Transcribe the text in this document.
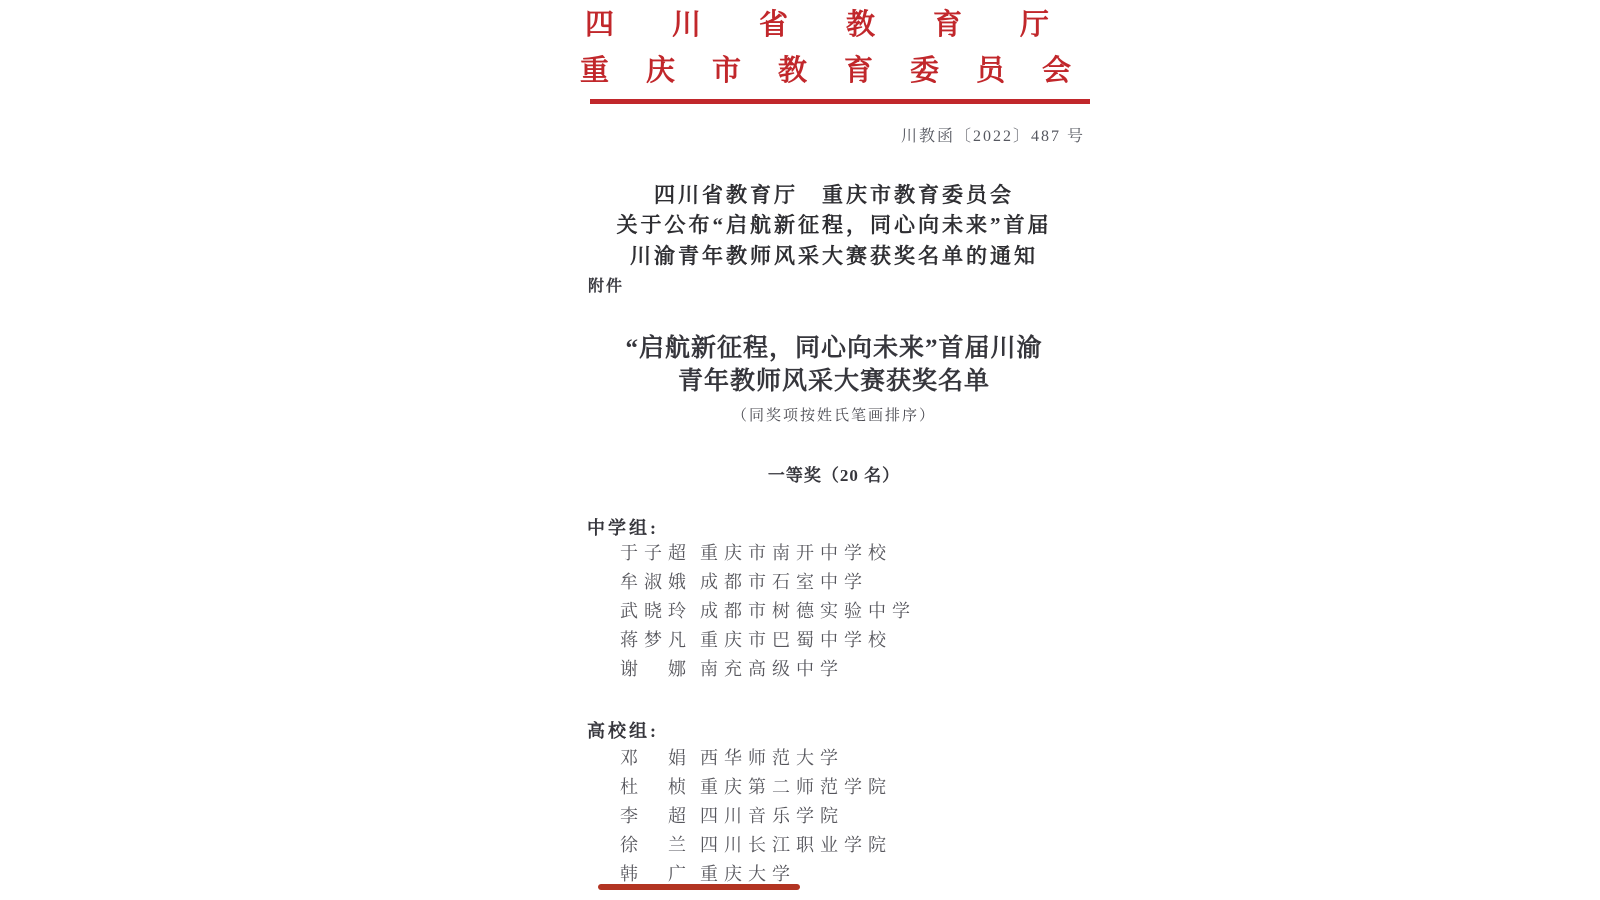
四川省教育厅
重庆市教育委员会
川教函〔2022〕487 号
四川省教育厅　重庆市教育委员会
关于公布“启航新征程，同心向未来”首届
川渝青年教师风采大赛获奖名单的通知
附件
“启航新征程，同心向未来”首届川渝
青年教师风采大赛获奖名单
（同奖项按姓氏笔画排序）
一等奖（20 名）
中学组:
于子超 重庆市南开中学校
牟淑娥 成都市石室中学
武晓玲 成都市树德实验中学
蒋梦凡 重庆市巴蜀中学校
谢　娜 南充高级中学
高校组:
邓　娟 西华师范大学
杜　桢 重庆第二师范学院
李　超 四川音乐学院
徐　兰 四川长江职业学院
韩　广 重庆大学
